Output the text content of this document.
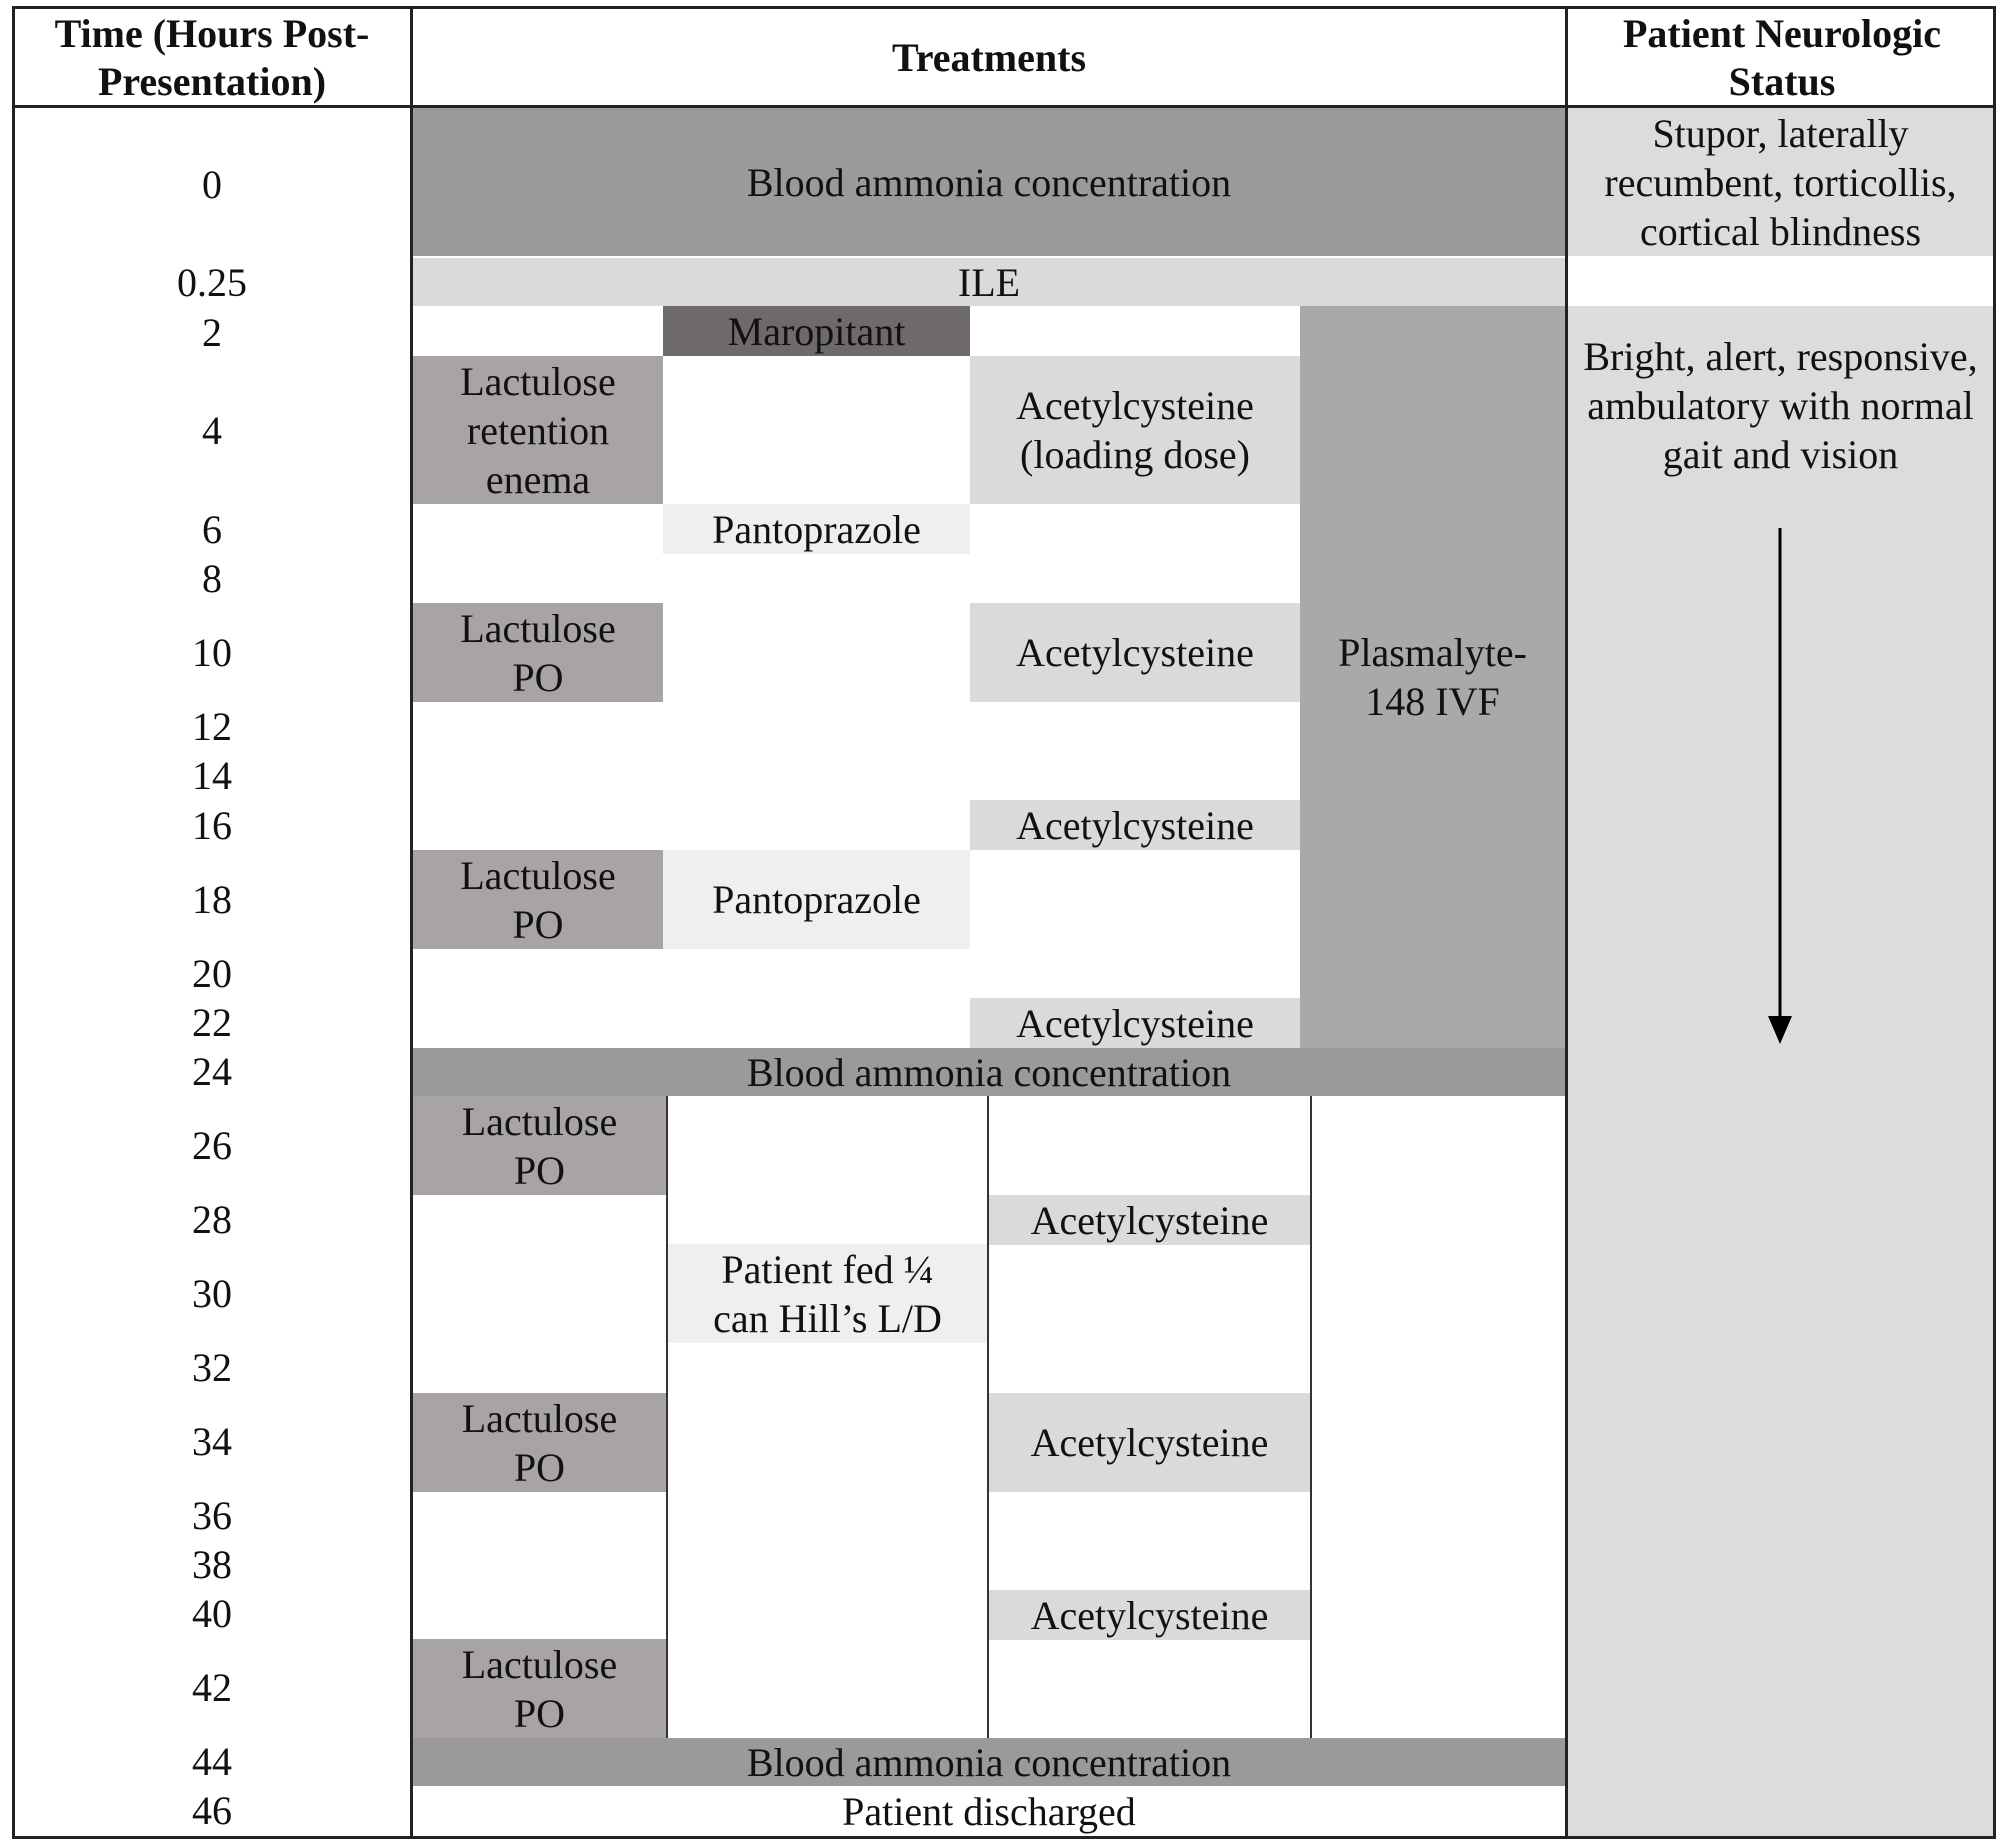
Time (Hours Post-Presentation)
Treatments
Patient Neurologic Status
0
0.25
2
4
6
8
10
12
14
16
18
20
22
24
26
28
30
32
34
36
38
40
42
44
46
Blood ammonia concentration
ILE
Maropitant
Lactulose retention enema
Acetylcysteine (loading dose)
Pantoprazole
Lactulose PO
Acetylcysteine	Plasmalyte-148 IVF
Acetylcysteine
Lactulose PO
Pantoprazole
Acetylcysteine
Blood ammonia concentration
Lactulose PO
Acetylcysteine
Patient fed ¼ can Hill’s L/D
Lactulose PO
Acetylcysteine
Acetylcysteine
Lactulose PO
Blood ammonia concentration
Patient discharged
Stupor, laterally recumbent, torticollis, cortical blindness
Bright, alert, responsive, ambulatory with normal gait and vision
